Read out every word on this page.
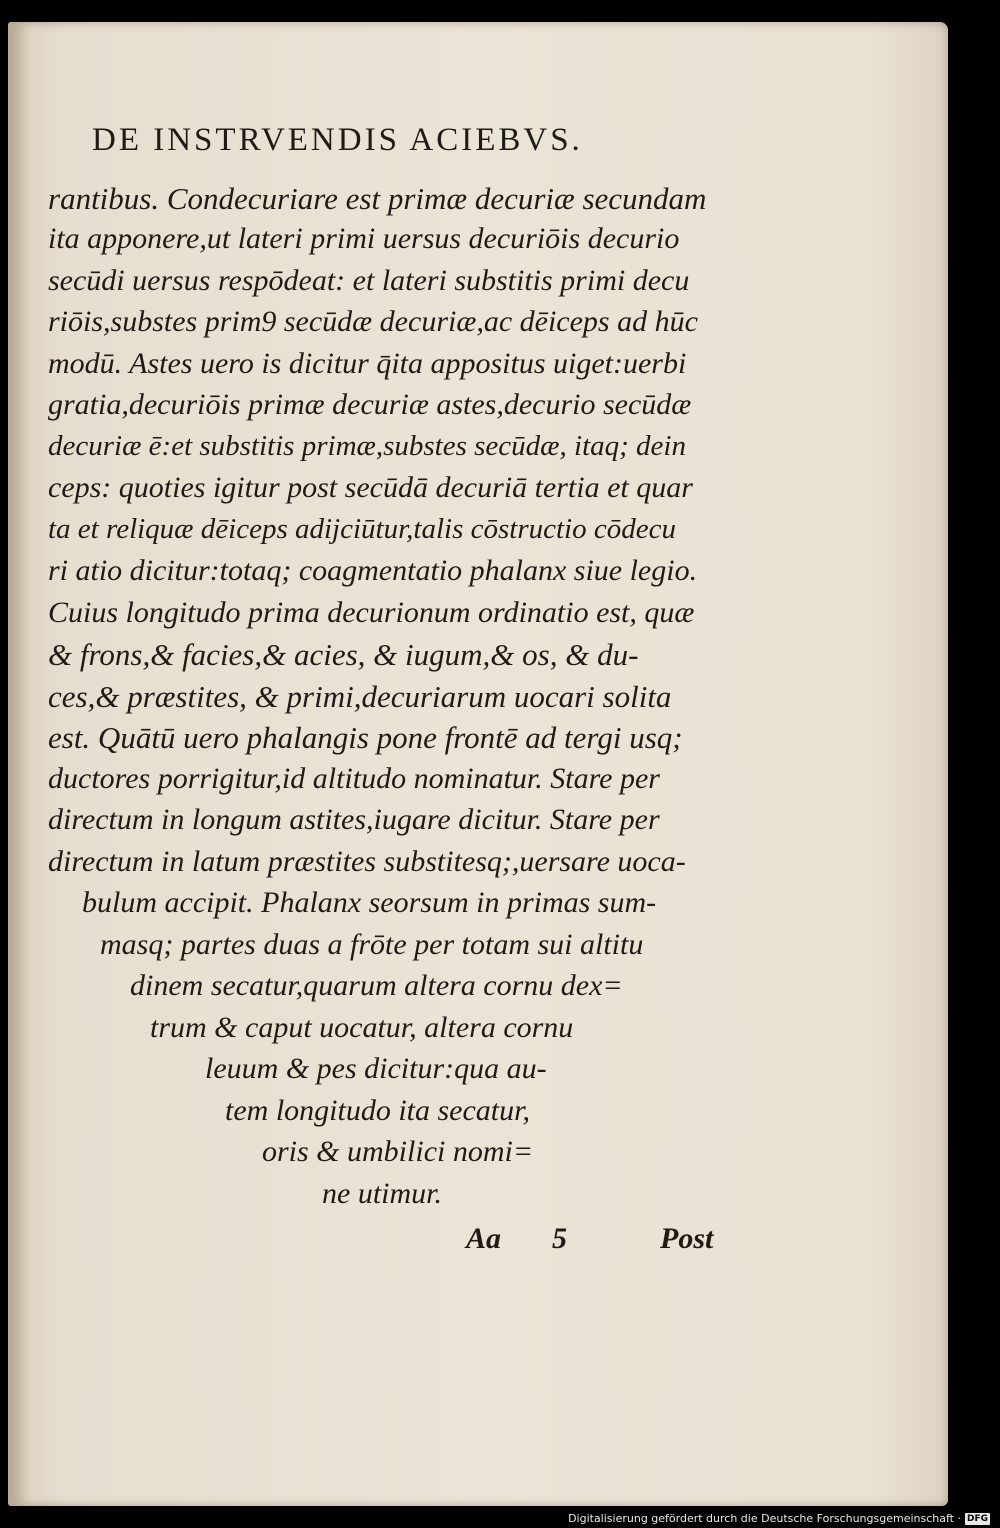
DE INSTRVENDIS ACIEBVS.
rantibus. Condecuriare est primæ decuriæ secundam
ita apponere,ut lateri primi uersus decuriōis decurio
secūdi uersus respōdeat: et lateri substitis primi decu
riōis,substes prim9 secūdæ decuriæ,ac dēiceps ad hūc
modū. Astes uero is dicitur q̄ita appositus uiget:uerbi
gratia,decuriōis primæ decuriæ astes,decurio secūdæ
decuriæ ē:et substitis primæ,substes secūdæ, itaq; dein
ceps: quoties igitur post secūdā decuriā tertia et quar
ta et reliquæ dēiceps adijciūtur,talis cōstructio cōdecu
ri atio dicitur:totaq; coagmentatio phalanx siue legio.
Cuius longitudo prima decurionum ordinatio est, quæ
& frons,& facies,& acies, & iugum,& os, & du-
ces,& præstites, & primi,decuriarum uocari solita
est. Quātū uero phalangis pone frontē ad tergi usq;
ductores porrigitur,id altitudo nominatur. Stare per
directum in longum astites,iugare dicitur. Stare per
directum in latum præstites substitesq;,uersare uoca-
bulum accipit. Phalanx seorsum in primas sum-
masq; partes duas a frōte per totam sui altitu
dinem secatur,quarum altera cornu dex=
trum & caput uocatur, altera cornu
leuum & pes dicitur:qua au-
tem longitudo ita secatur,
oris & umbilici nomi=
ne utimur.
Aa 5	Post
Digitalisierung gefördert durch die Deutsche Forschungsgemeinschaft · DFG
